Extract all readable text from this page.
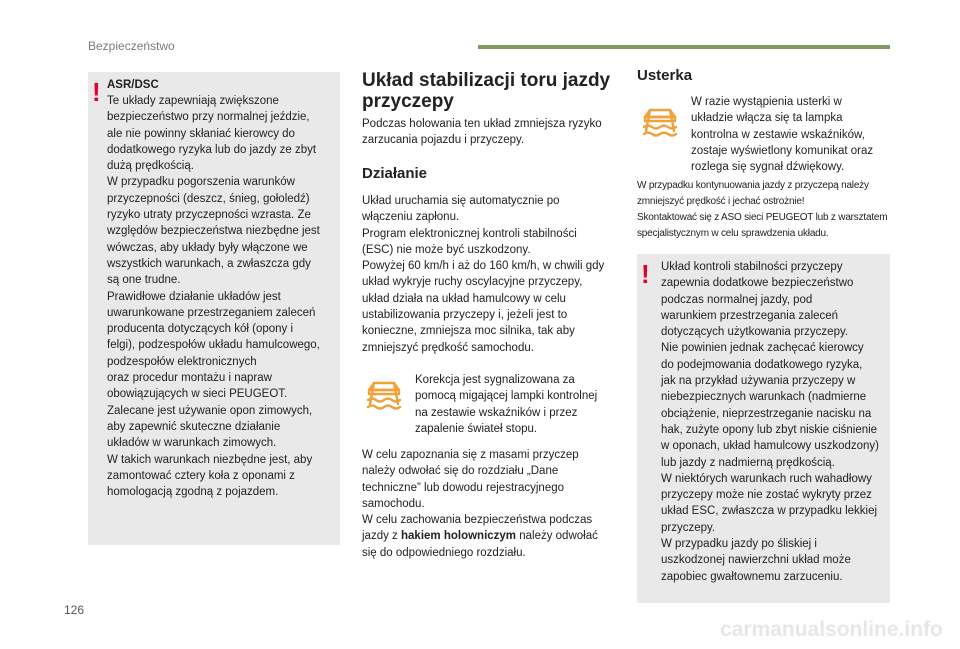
Bezpieczeństwo
! ASR/DSC
Te układy zapewniają zwiększone
bezpieczeństwo przy normalnej jeździe,
ale nie powinny skłaniać kierowcy do
dodatkowego ryzyka lub do jazdy ze zbyt
dużą prędkością.
W przypadku pogorszenia warunków
przyczepności (deszcz, śnieg, gołoledź)
ryzyko utraty przyczepności wzrasta. Ze
względów bezpieczeństwa niezbędne jest
wówczas, aby układy były włączone we
wszystkich warunkach, a zwłaszcza gdy
są one trudne.
Prawidłowe działanie układów jest
uwarunkowane przestrzeganiem zaleceń
producenta dotyczących kół (opony i
felgi), podzespołów układu hamulcowego,
podzespołów elektronicznych
oraz procedur montażu i napraw
obowiązujących w sieci PEUGEOT.
Zalecane jest używanie opon zimowych,
aby zapewnić skuteczne działanie
układów w warunkach zimowych.
W takich warunkach niezbędne jest, aby
zamontować cztery koła z oponami z
homologacją zgodną z pojazdem.
Układ stabilizacji toru jazdy
przyczepy
Podczas holowania ten układ zmniejsza ryzyko
zarzucania pojazdu i przyczepy.
Działanie
Układ uruchamia się automatycznie po
włączeniu zapłonu.
Program elektronicznej kontroli stabilności
(ESC) nie może być uszkodzony.
Powyżej 60 km/h i aż do 160 km/h, w chwili gdy
układ wykryje ruchy oscylacyjne przyczepy,
układ działa na układ hamulcowy w celu
ustabilizowania przyczepy i, jeżeli jest to
konieczne, zmniejsza moc silnika, tak aby
zmniejszyć prędkość samochodu.
Korekcja jest sygnalizowana za
pomocą migającej lampki kontrolnej
na zestawie wskaźników i przez
zapalenie świateł stopu.
W celu zapoznania się z masami przyczep
należy odwołać się do rozdziału „Dane
techniczne” lub dowodu rejestracyjnego
samochodu.
W celu zachowania bezpieczeństwa podczas
jazdy z hakiem holowniczym należy odwołać
się do odpowiedniego rozdziału.
Usterka
W razie wystąpienia usterki w
układzie włącza się ta lampka
kontrolna w zestawie wskaźników,
zostaje wyświetlony komunikat oraz
rozlega się sygnał dźwiękowy.
W przypadku kontynuowania jazdy z przyczepą należy
zmniejszyć prędkość i jechać ostrożnie!
Skontaktować się z ASO sieci PEUGEOT lub z warsztatem
specjalistycznym w celu sprawdzenia układu.
! Układ kontroli stabilności przyczepy
zapewnia dodatkowe bezpieczeństwo
podczas normalnej jazdy, pod
warunkiem przestrzegania zaleceń
dotyczących użytkowania przyczepy.
Nie powinien jednak zachęcać kierowcy
do podejmowania dodatkowego ryzyka,
jak na przykład używania przyczepy w
niebezpiecznych warunkach (nadmierne
obciążenie, nieprzestrzeganie nacisku na
hak, zużyte opony lub zbyt niskie ciśnienie
w oponach, układ hamulcowy uszkodzony)
lub jazdy z nadmierną prędkością.
W niektórych warunkach ruch wahadłowy
przyczepy może nie zostać wykryty przez
układ ESC, zwłaszcza w przypadku lekkiej
przyczepy.
W przypadku jazdy po śliskiej i
uszkodzonej nawierzchni układ może
zapobiec gwałtownemu zarzuceniu.
126
carmanualsonline.info
